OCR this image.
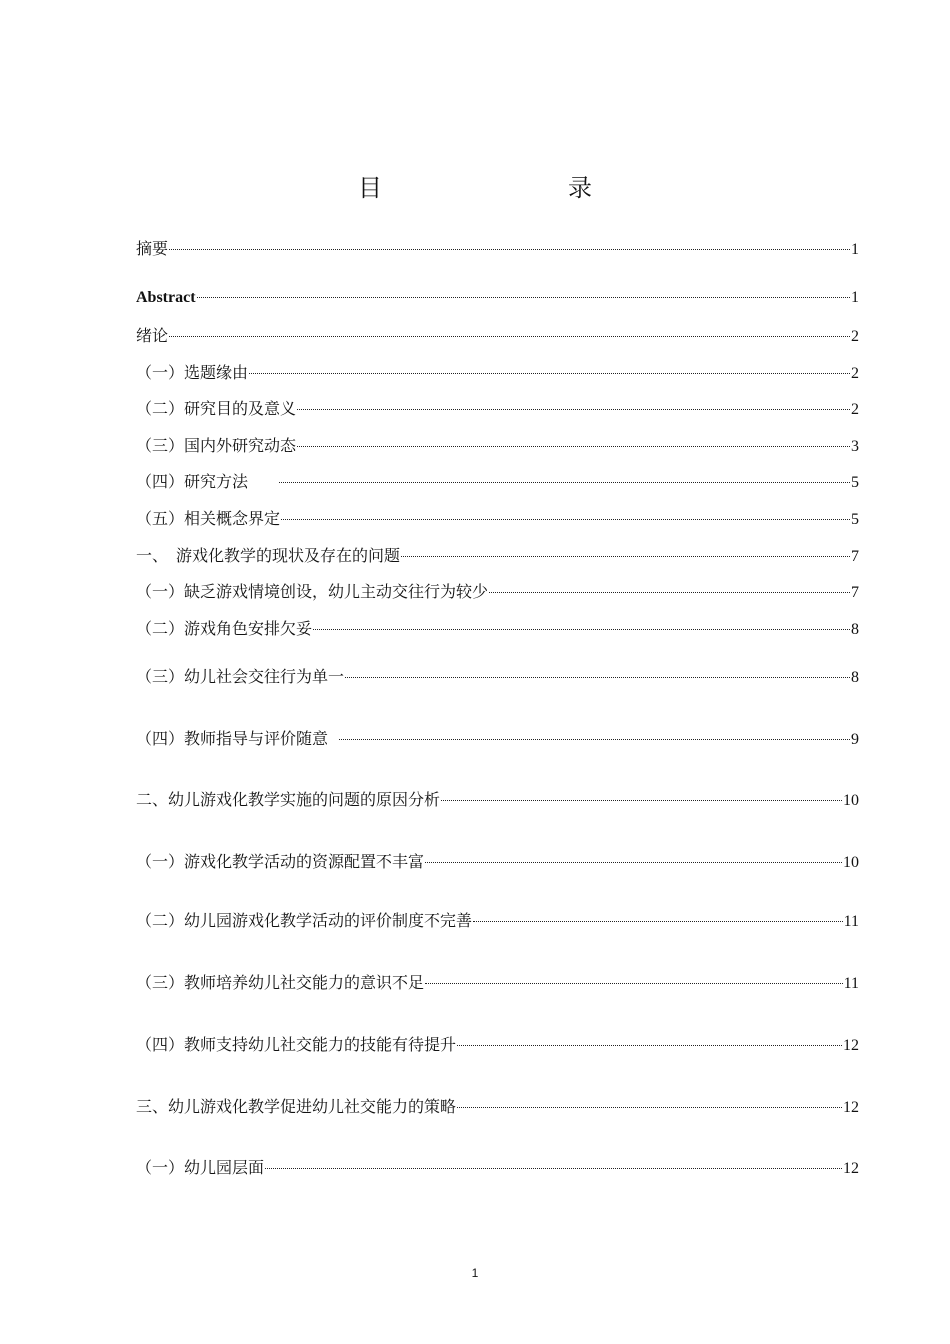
目　　录
摘要	1
Abstract	1
绪论	2
（一）选题缘由	2
（二）研究目的及意义	2
（三）国内外研究动态	3
（四）研究方法	5
（五）相关概念界定	5
一、　游戏化教学的现状及存在的问题	7
（一）缺乏游戏情境创设，幼儿主动交往行为较少	7
（二）游戏角色安排欠妥	8
（三）幼儿社会交往行为单一	8
（四）教师指导与评价随意	9
二、幼儿游戏化教学实施的问题的原因分析	10
（一）游戏化教学活动的资源配置不丰富	10
（二）幼儿园游戏化教学活动的评价制度不完善	11
（三）教师培养幼儿社交能力的意识不足	11
（四）教师支持幼儿社交能力的技能有待提升	12
三、幼儿游戏化教学促进幼儿社交能力的策略	12
（一）幼儿园层面	12
1
